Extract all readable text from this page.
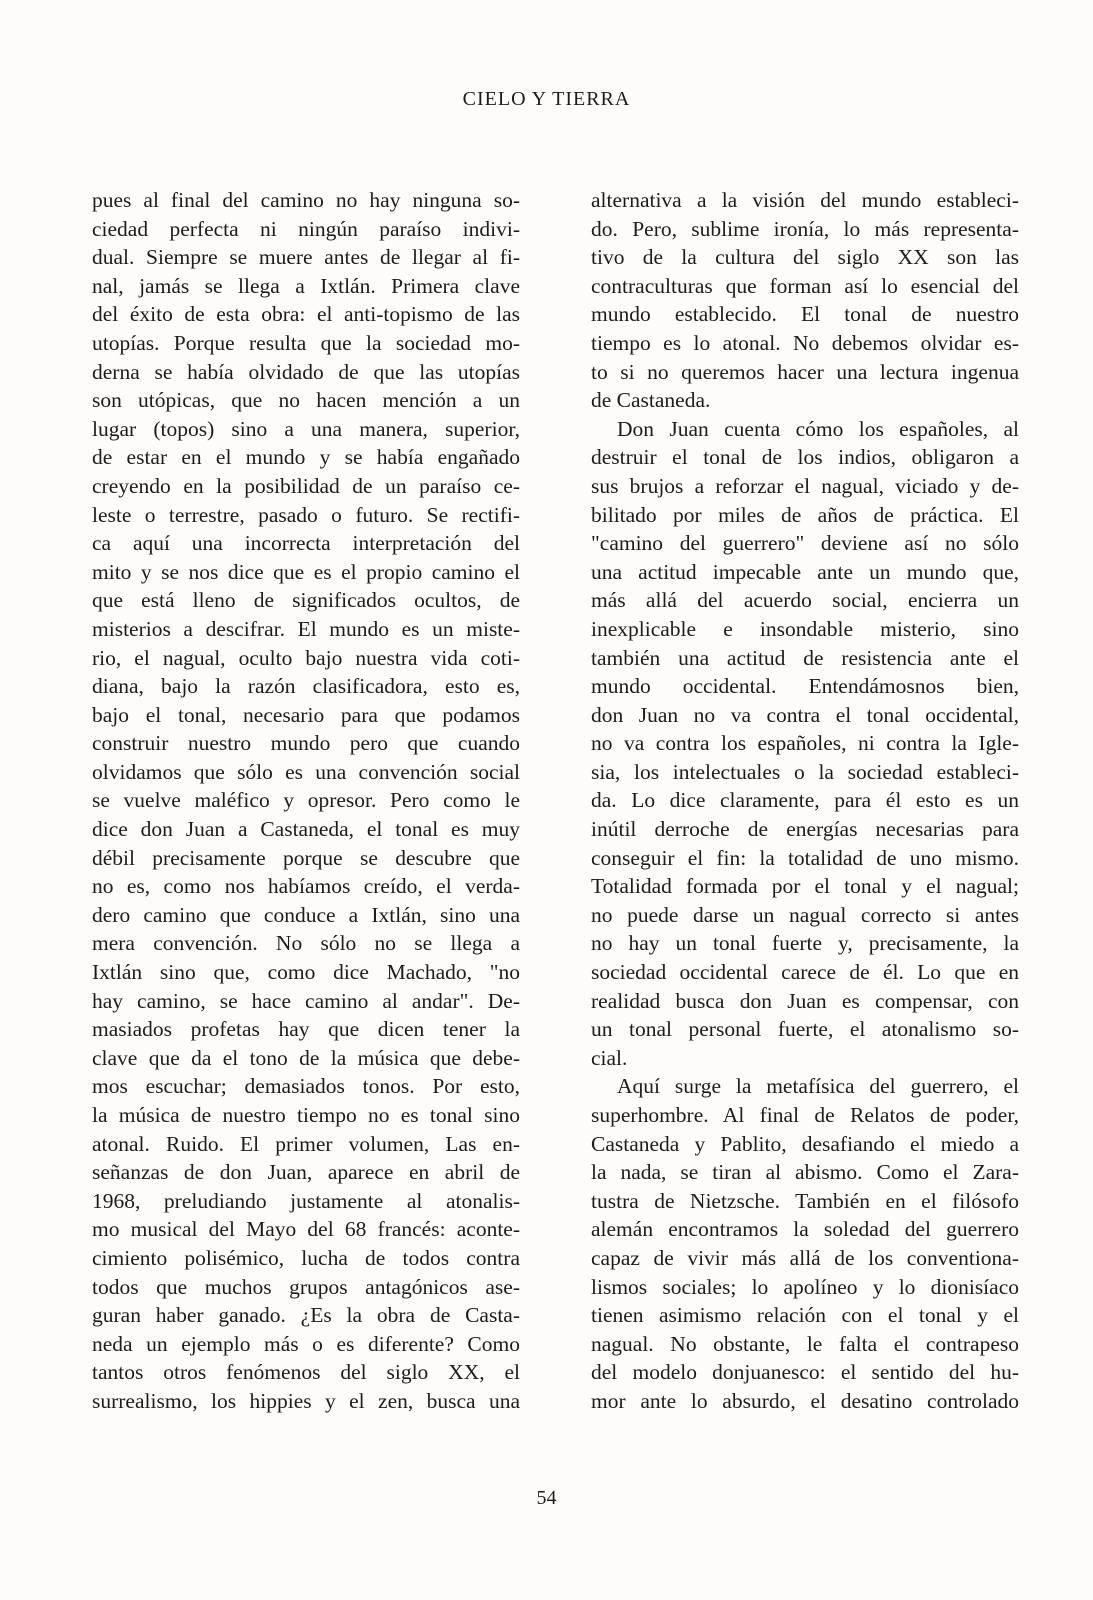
CIELO Y TIERRA
pues al final del camino no hay ninguna so-
ciedad perfecta ni ningún paraíso indivi-
dual. Siempre se muere antes de llegar al fi-
nal, jamás se llega a Ixtlán. Primera clave
del éxito de esta obra: el anti-topismo de las
utopías. Porque resulta que la sociedad mo-
derna se había olvidado de que las utopías
son utópicas, que no hacen mención a un
lugar (topos) sino a una manera, superior,
de estar en el mundo y se había engañado
creyendo en la posibilidad de un paraíso ce-
leste o terrestre, pasado o futuro. Se rectifi-
ca aquí una incorrecta interpretación del
mito y se nos dice que es el propio camino el
que está lleno de significados ocultos, de
misterios a descifrar. El mundo es un miste-
rio, el nagual, oculto bajo nuestra vida coti-
diana, bajo la razón clasificadora, esto es,
bajo el tonal, necesario para que podamos
construir nuestro mundo pero que cuando
olvidamos que sólo es una convención social
se vuelve maléfico y opresor. Pero como le
dice don Juan a Castaneda, el tonal es muy
débil precisamente porque se descubre que
no es, como nos habíamos creído, el verda-
dero camino que conduce a Ixtlán, sino una
mera convención. No sólo no se llega a
Ixtlán sino que, como dice Machado, "no
hay camino, se hace camino al andar". De-
masiados profetas hay que dicen tener la
clave que da el tono de la música que debe-
mos escuchar; demasiados tonos. Por esto,
la música de nuestro tiempo no es tonal sino
atonal. Ruido. El primer volumen, Las en-
señanzas de don Juan, aparece en abril de
1968, preludiando justamente al atonalis-
mo musical del Mayo del 68 francés: aconte-
cimiento polisémico, lucha de todos contra
todos que muchos grupos antagónicos ase-
guran haber ganado. ¿Es la obra de Casta-
neda un ejemplo más o es diferente? Como
tantos otros fenómenos del siglo XX, el
surrealismo, los hippies y el zen, busca una
alternativa a la visión del mundo estableci-
do. Pero, sublime ironía, lo más representa-
tivo de la cultura del siglo XX son las
contraculturas que forman así lo esencial del
mundo establecido. El tonal de nuestro
tiempo es lo atonal. No debemos olvidar es-
to si no queremos hacer una lectura ingenua
de Castaneda.
Don Juan cuenta cómo los españoles, al
destruir el tonal de los indios, obligaron a
sus brujos a reforzar el nagual, viciado y de-
bilitado por miles de años de práctica. El
"camino del guerrero" deviene así no sólo
una actitud impecable ante un mundo que,
más allá del acuerdo social, encierra un
inexplicable e insondable misterio, sino
también una actitud de resistencia ante el
mundo occidental. Entendámosnos bien,
don Juan no va contra el tonal occidental,
no va contra los españoles, ni contra la Igle-
sia, los intelectuales o la sociedad estableci-
da. Lo dice claramente, para él esto es un
inútil derroche de energías necesarias para
conseguir el fin: la totalidad de uno mismo.
Totalidad formada por el tonal y el nagual;
no puede darse un nagual correcto si antes
no hay un tonal fuerte y, precisamente, la
sociedad occidental carece de él. Lo que en
realidad busca don Juan es compensar, con
un tonal personal fuerte, el atonalismo so-
cial.
Aquí surge la metafísica del guerrero, el
superhombre. Al final de Relatos de poder,
Castaneda y Pablito, desafiando el miedo a
la nada, se tiran al abismo. Como el Zara-
tustra de Nietzsche. También en el filósofo
alemán encontramos la soledad del guerrero
capaz de vivir más allá de los conventiona-
lismos sociales; lo apolíneo y lo dionisíaco
tienen asimismo relación con el tonal y el
nagual. No obstante, le falta el contrapeso
del modelo donjuanesco: el sentido del hu-
mor ante lo absurdo, el desatino controlado
54
